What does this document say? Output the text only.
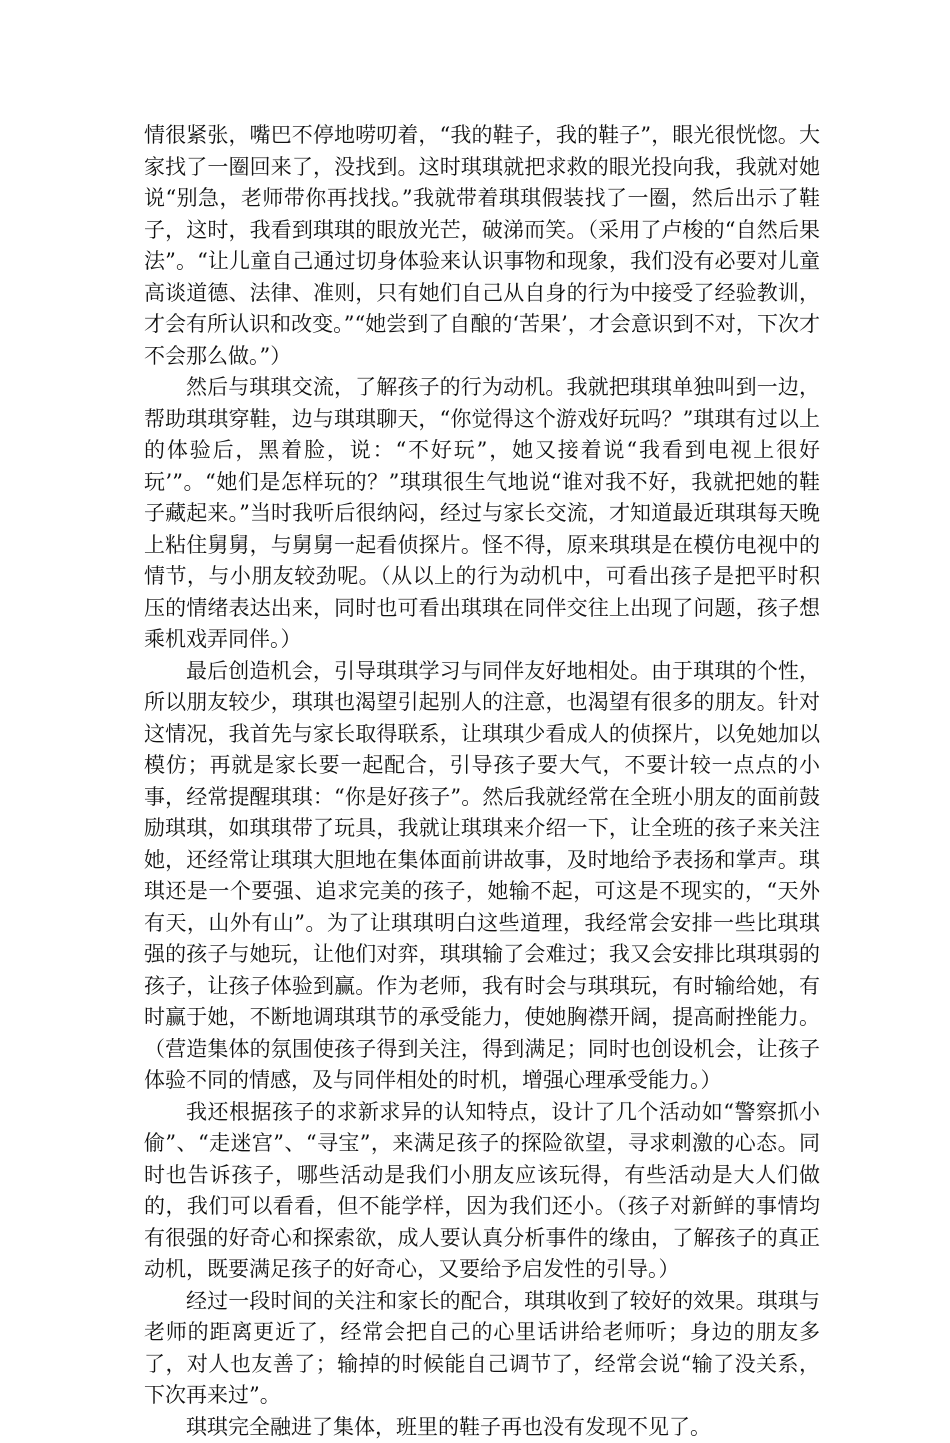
情很紧张，嘴巴不停地唠叨着，“我的鞋子，我的鞋子”，眼光很恍惚。大家找了一圈回来了，没找到。这时琪琪就把求救的眼光投向我，我就对她说“别急，老师带你再找找。”我就带着琪琪假装找了一圈，然后出示了鞋子，这时，我看到琪琪的眼放光芒，破涕而笑。（采用了卢梭的“自然后果法”。“让儿童自己通过切身体验来认识事物和现象，我们没有必要对儿童高谈道德、法律、准则，只有她们自己从自身的行为中接受了经验教训，才会有所认识和改变。”“她尝到了自酿的‘苦果’，才会意识到不对，下次才不会那么做。”）

然后与琪琪交流，了解孩子的行为动机。我就把琪琪单独叫到一边，帮助琪琪穿鞋，边与琪琪聊天，“你觉得这个游戏好玩吗？”琪琪有过以上的体验后，黑着脸，说：“不好玩”，她又接着说“我看到电视上很好玩’”。“她们是怎样玩的？”琪琪很生气地说“谁对我不好，我就把她的鞋子藏起来。”当时我听后很纳闷，经过与家长交流，才知道最近琪琪每天晚上粘住舅舅，与舅舅一起看侦探片。怪不得，原来琪琪是在模仿电视中的情节，与小朋友较劲呢。（从以上的行为动机中，可看出孩子是把平时积压的情绪表达出来，同时也可看出琪琪在同伴交往上出现了问题，孩子想乘机戏弄同伴。）

最后创造机会，引导琪琪学习与同伴友好地相处。由于琪琪的个性，所以朋友较少，琪琪也渴望引起别人的注意，也渴望有很多的朋友。针对这情况，我首先与家长取得联系，让琪琪少看成人的侦探片，以免她加以模仿；再就是家长要一起配合，引导孩子要大气，不要计较一点点的小事，经常提醒琪琪：“你是好孩子”。然后我就经常在全班小朋友的面前鼓励琪琪，如琪琪带了玩具，我就让琪琪来介绍一下，让全班的孩子来关注她，还经常让琪琪大胆地在集体面前讲故事，及时地给予表扬和掌声。琪琪还是一个要强、追求完美的孩子，她输不起，可这是不现实的，“天外有天，山外有山”。为了让琪琪明白这些道理，我经常会安排一些比琪琪强的孩子与她玩，让他们对弈，琪琪输了会难过；我又会安排比琪琪弱的孩子，让孩子体验到赢。作为老师，我有时会与琪琪玩，有时输给她，有时赢于她，不断地调琪琪节的承受能力，使她胸襟开阔，提高耐挫能力。（营造集体的氛围使孩子得到关注，得到满足；同时也创设机会，让孩子体验不同的情感，及与同伴相处的时机，增强心理承受能力。）

我还根据孩子的求新求异的认知特点，设计了几个活动如“警察抓小偷”、“走迷宫”、“寻宝”，来满足孩子的探险欲望，寻求刺激的心态。同时也告诉孩子，哪些活动是我们小朋友应该玩得，有些活动是大人们做的，我们可以看看，但不能学样，因为我们还小。（孩子对新鲜的事情均有很强的好奇心和探索欲，成人要认真分析事件的缘由，了解孩子的真正动机，既要满足孩子的好奇心，又要给予启发性的引导。）

经过一段时间的关注和家长的配合，琪琪收到了较好的效果。琪琪与老师的距离更近了，经常会把自己的心里话讲给老师听；身边的朋友多了，对人也友善了；输掉的时候能自己调节了，经常会说“输了没关系，下次再来过”。

琪琪完全融进了集体，班里的鞋子再也没有发现不见了。
